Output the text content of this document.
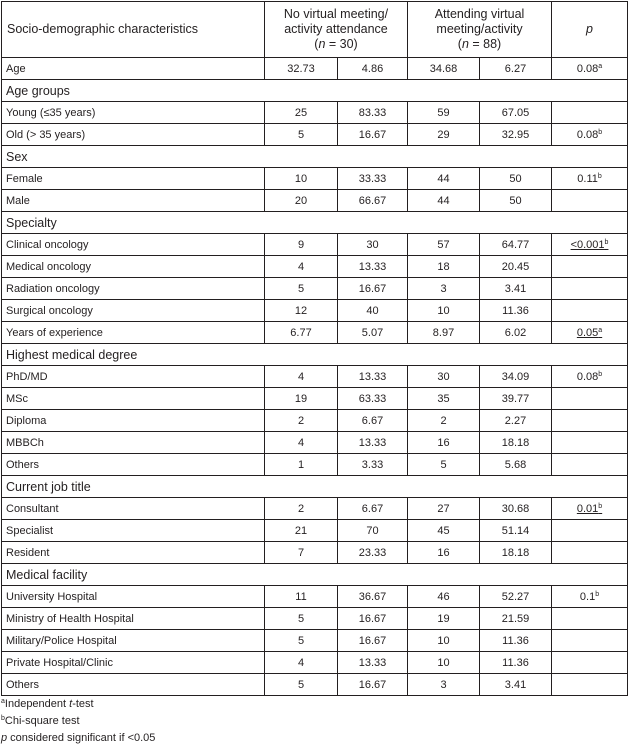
Socio-demographic characteristics	No virtual meeting/
activity attendance
(n = 30)		Attending virtual
meeting/activity
(n = 88)		p
Age	32.73	4.86	34.68	6.27	0.08$^a$
Age groups					
Young (≤35 years)	25	83.33	59	67.05	
Old (> 35 years)	5	16.67	29	32.95	0.08$^b$
Sex					
Female	10	33.33	44	50	0.11$^b$
Male	20	66.67	44	50	
Specialty					
Clinical oncology	9	30	57	64.77	<0.001$^b$
Medical oncology	4	13.33	18	20.45	
Radiation oncology	5	16.67	3	3.41	
Surgical oncology	12	40	10	11.36	
Years of experience	6.77	5.07	8.97	6.02	0.05$^a$
Highest medical degree					
PhD/MD	4	13.33	30	34.09	0.08$^b$
MSc	19	63.33	35	39.77	
Diploma	2	6.67	2	2.27	
MBBCh	4	13.33	16	18.18	
Others	1	3.33	5	5.68	
Current job title					
Consultant	2	6.67	27	30.68	0.01$^b$
Specialist	21	70	45	51.14	
Resident	7	23.33	16	18.18	
Medical facility					
University Hospital	11	36.67	46	52.27	0.1$^b$
Ministry of Health Hospital	5	16.67	19	21.59	
Military/Police Hospital	5	16.67	10	11.36	
Private Hospital/Clinic	4	13.33	10	11.36	
Others	5	16.67	3	3.41	
$^a$Independent t-test
$^b$Chi-square test
p considered significant if <0.05
